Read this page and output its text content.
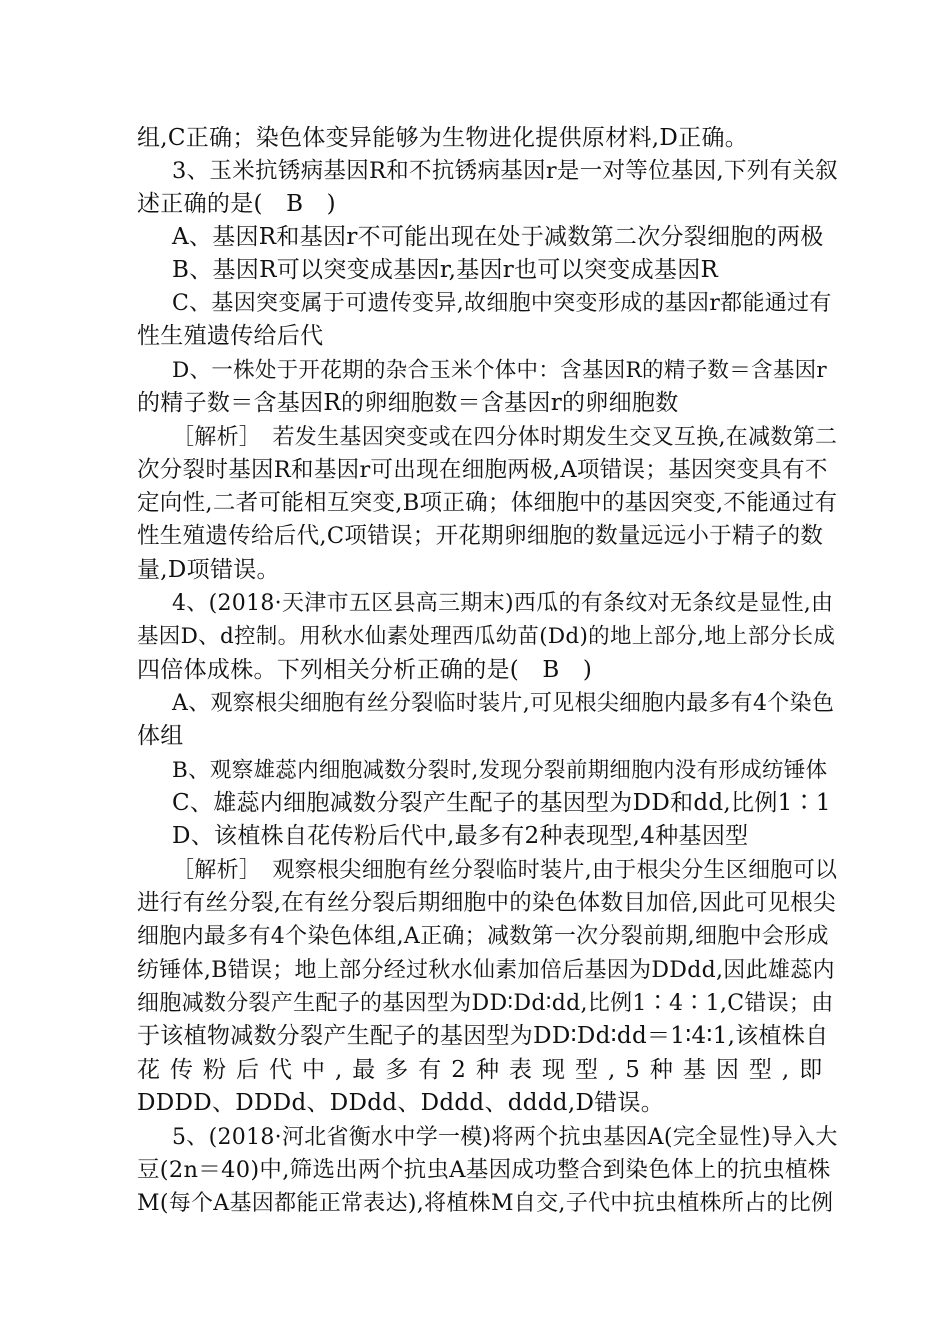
组,C正确；染色体变异能够为生物进化提供原材料,D正确。
3、玉米抗锈病基因R和不抗锈病基因r是一对等位基因,下列有关叙
述正确的是(　B　)
A、基因R和基因r不可能出现在处于减数第二次分裂细胞的两极
B、基因R可以突变成基因r,基因r也可以突变成基因R
C、基因突变属于可遗传变异,故细胞中突变形成的基因r都能通过有
性生殖遗传给后代
D、一株处于开花期的杂合玉米个体中：含基因R的精子数＝含基因r
的精子数＝含基因R的卵细胞数＝含基因r的卵细胞数
［解析］　若发生基因突变或在四分体时期发生交叉互换,在减数第二
次分裂时基因R和基因r可出现在细胞两极,A项错误；基因突变具有不
定向性,二者可能相互突变,B项正确；体细胞中的基因突变,不能通过有
性生殖遗传给后代,C项错误；开花期卵细胞的数量远远小于精子的数
量,D项错误。
4、(2018·天津市五区县高三期末)西瓜的有条纹对无条纹是显性,由
基因D、d控制。用秋水仙素处理西瓜幼苗(Dd)的地上部分,地上部分长成
四倍体成株。下列相关分析正确的是(　B　)
A、观察根尖细胞有丝分裂临时装片,可见根尖细胞内最多有4个染色
体组
B、观察雄蕊内细胞减数分裂时,发现分裂前期细胞内没有形成纺锤体
C、雄蕊内细胞减数分裂产生配子的基因型为DD和dd,比例1∶1
D、该植株自花传粉后代中,最多有2种表现型,4种基因型
［解析］　观察根尖细胞有丝分裂临时装片,由于根尖分生区细胞可以
进行有丝分裂,在有丝分裂后期细胞中的染色体数目加倍,因此可见根尖
细胞内最多有4个染色体组,A正确；减数第一次分裂前期,细胞中会形成
纺锤体,B错误；地上部分经过秋水仙素加倍后基因为DDdd,因此雄蕊内
细胞减数分裂产生配子的基因型为DD∶Dd∶dd,比例1∶4∶1,C错误；由
于该植物减数分裂产生配子的基因型为DD∶Dd∶dd＝1∶4∶1,该植株自
花传粉后代中,最多有2种表现型,5种基因型,即
DDDD、DDDd、DDdd、Dddd、dddd,D错误。
5、(2018·河北省衡水中学一模)将两个抗虫基因A(完全显性)导入大
豆(2n＝40)中,筛选出两个抗虫A基因成功整合到染色体上的抗虫植株
M(每个A基因都能正常表达),将植株M自交,子代中抗虫植株所占的比例
